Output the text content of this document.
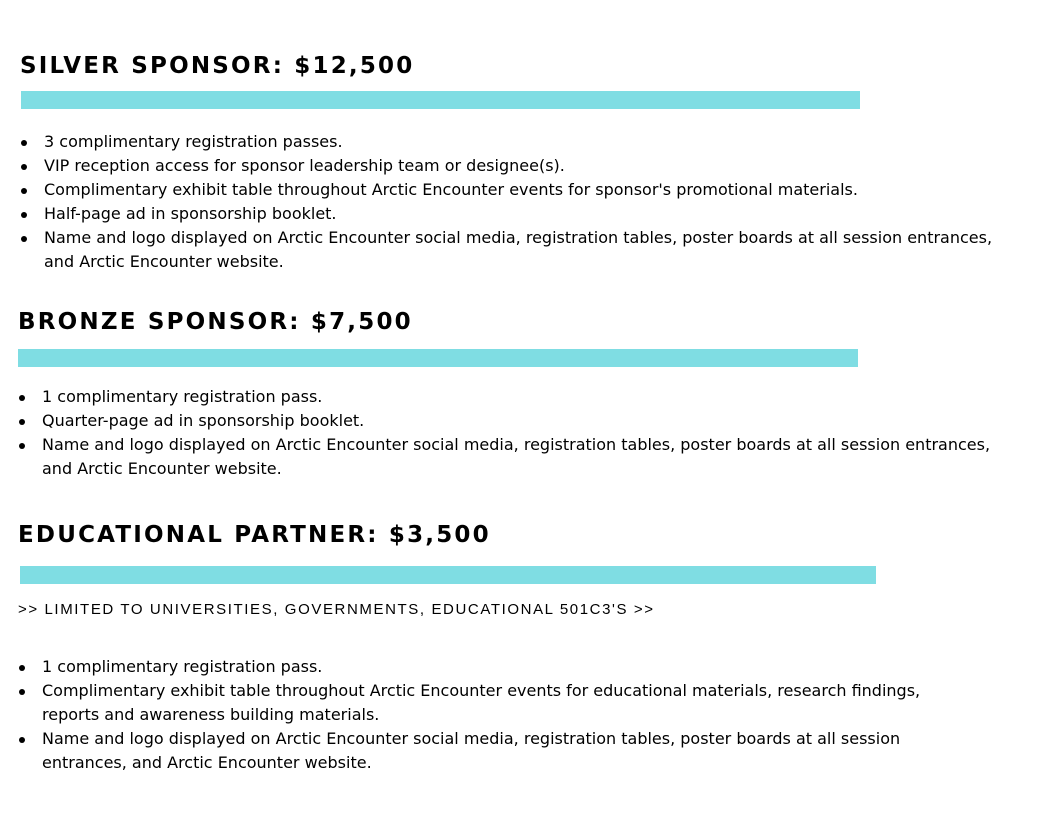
SILVER SPONSOR: $12,500
3 complimentary registration passes.
VIP reception access for sponsor leadership team or designee(s).
Complimentary exhibit table throughout Arctic Encounter events for sponsor's promotional materials.
Half-page ad in sponsorship booklet.
Name and logo displayed on Arctic Encounter social media, registration tables, poster boards at all session entrances, and Arctic Encounter website.
BRONZE SPONSOR: $7,500
1 complimentary registration pass.
Quarter-page ad in sponsorship booklet.
Name and logo displayed on Arctic Encounter social media, registration tables, poster boards at all session entrances, and Arctic Encounter website.
EDUCATIONAL PARTNER: $3,500

>> LIMITED TO UNIVERSITIES, GOVERNMENTS, EDUCATIONAL 501C3'S >>

1 complimentary registration pass.
Complimentary exhibit table throughout Arctic Encounter events for educational materials, research findings, reports and awareness building materials.
Name and logo displayed on Arctic Encounter social media, registration tables, poster boards at all session entrances, and Arctic Encounter website.
